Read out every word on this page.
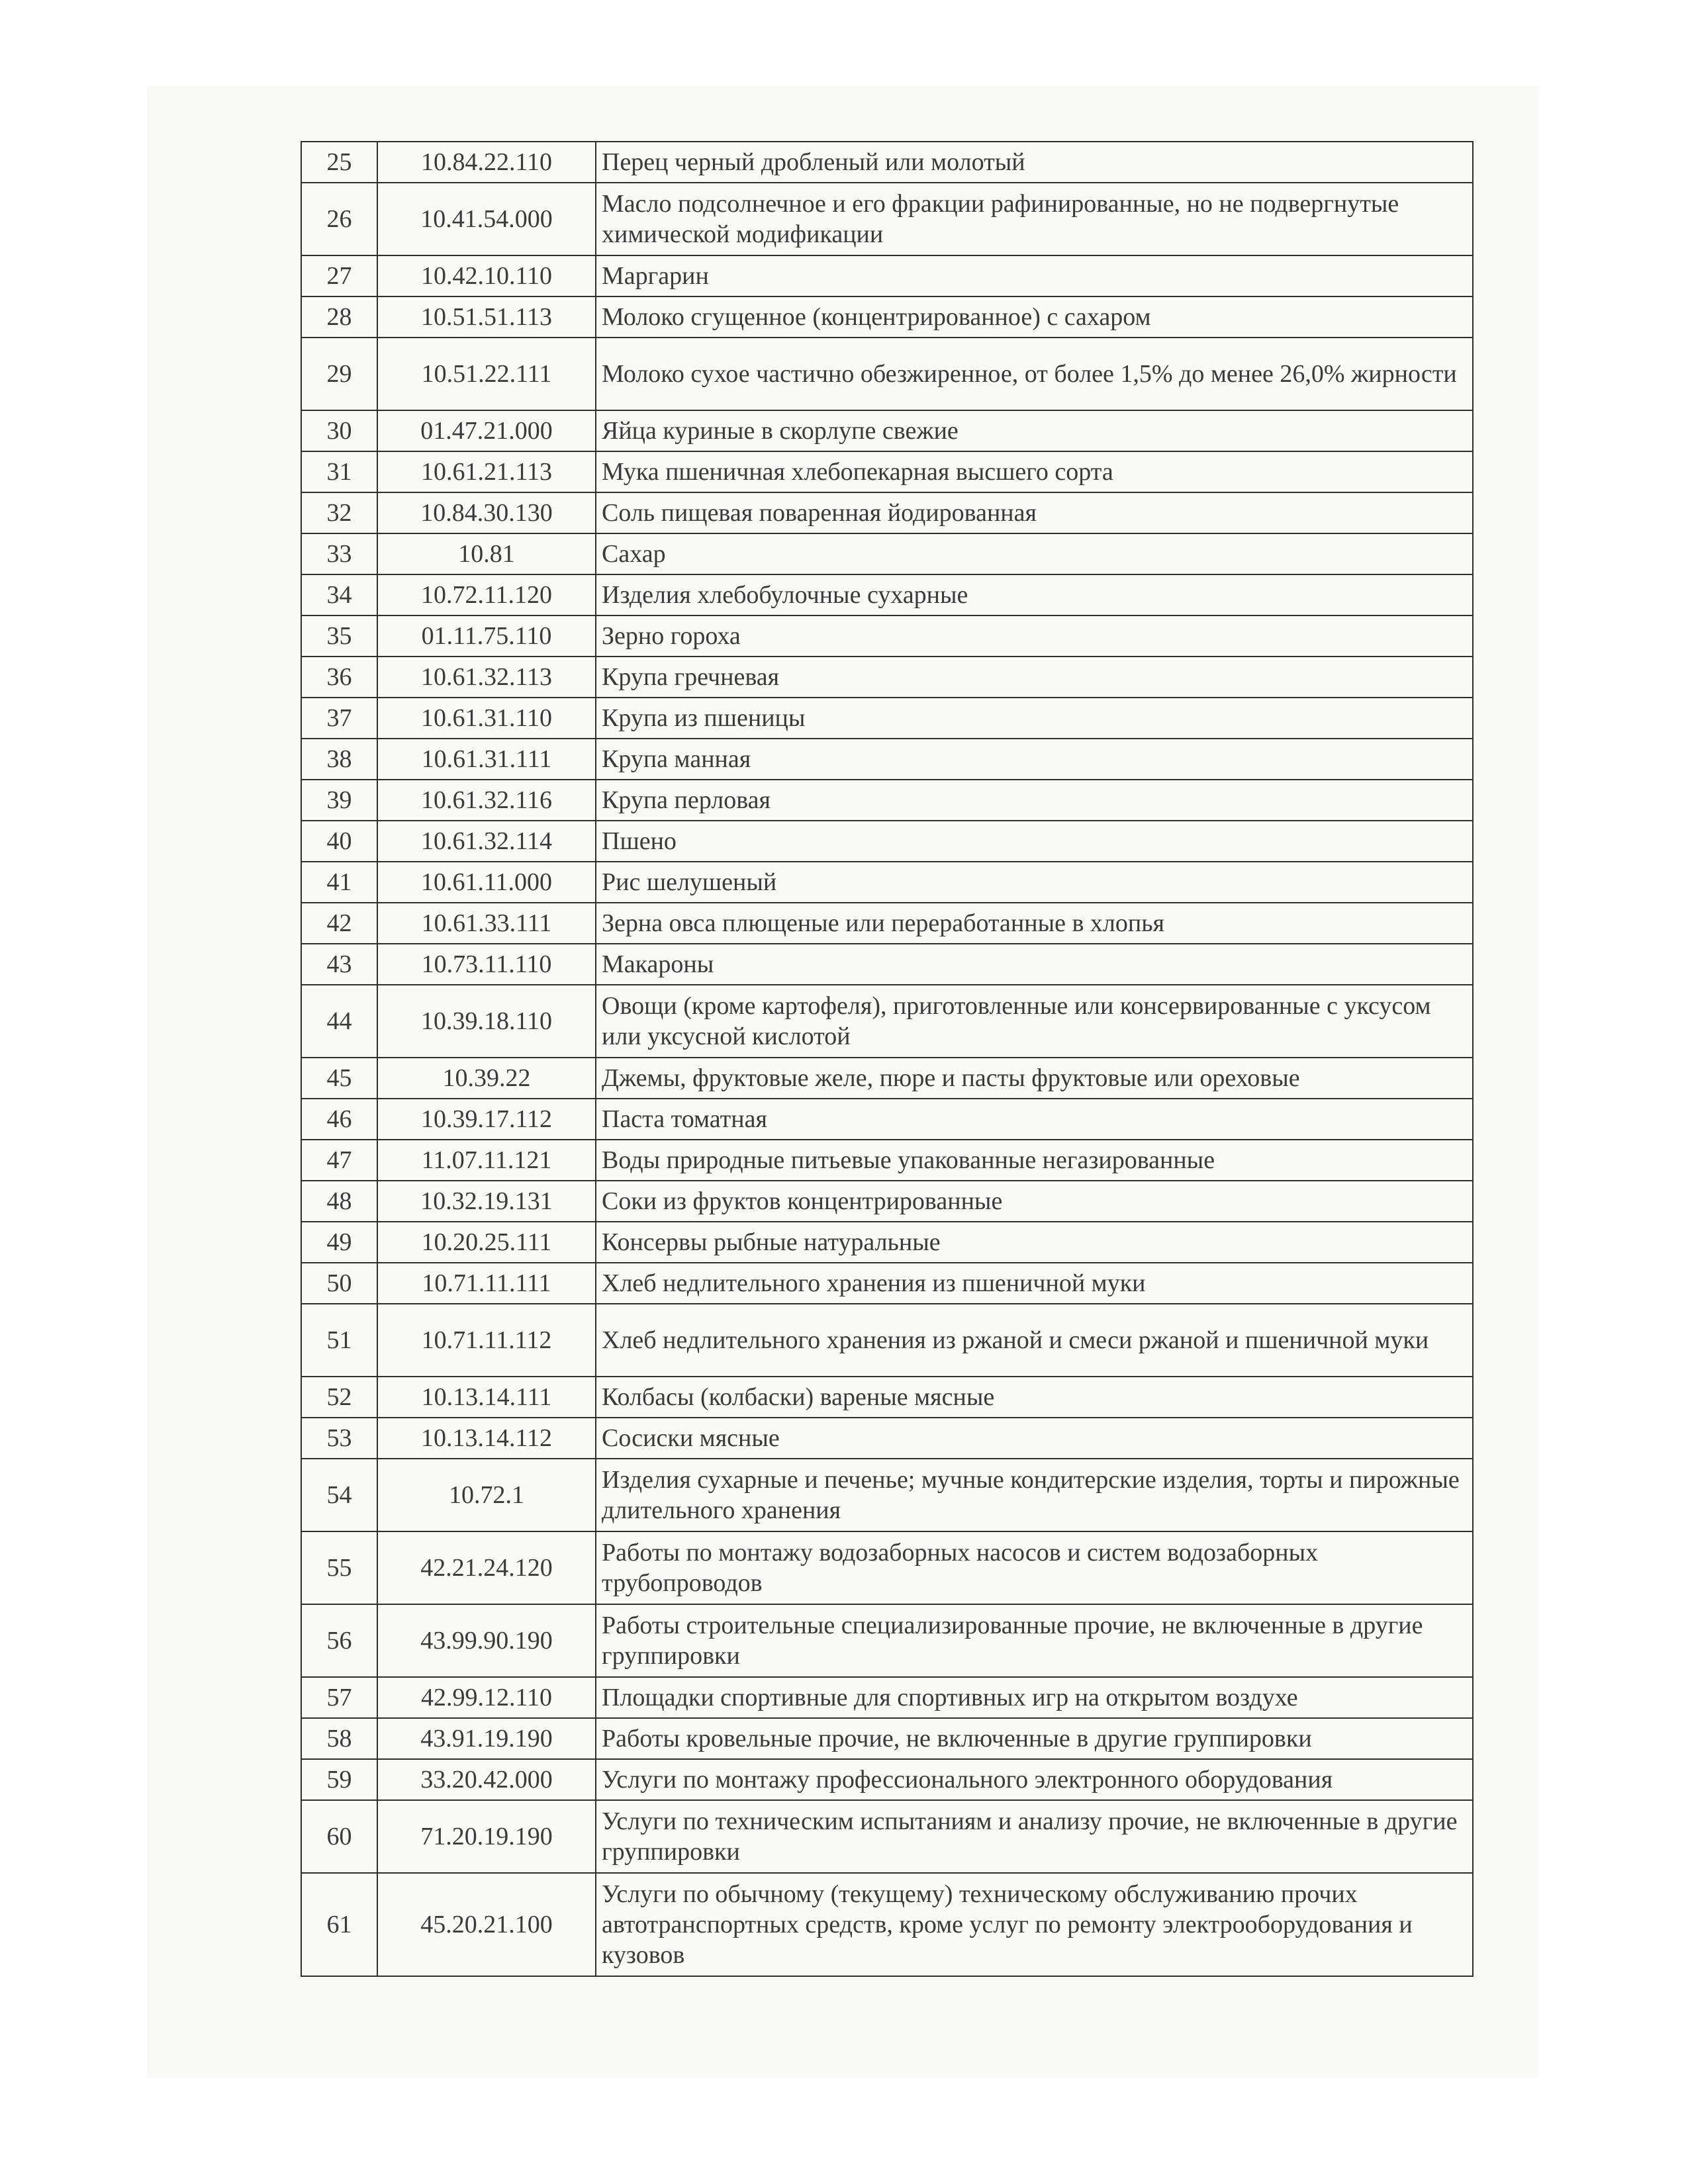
25	10.84.22.110	Перец черный дробленый или молотый
26	10.41.54.000	Масло подсолнечное и его фракции рафинированные, но не подвергнутые химической модификации
27	10.42.10.110	Маргарин
28	10.51.51.113	Молоко сгущенное (концентрированное) с сахаром
29	10.51.22.111	Молоко сухое частично обезжиренное, от более 1,5% до менее 26,0% жирности
30	01.47.21.000	Яйца куриные в скорлупе свежие
31	10.61.21.113	Мука пшеничная хлебопекарная высшего сорта
32	10.84.30.130	Соль пищевая поваренная йодированная
33	10.81	Сахар
34	10.72.11.120	Изделия хлебобулочные сухарные
35	01.11.75.110	Зерно гороха
36	10.61.32.113	Крупа гречневая
37	10.61.31.110	Крупа из пшеницы
38	10.61.31.111	Крупа манная
39	10.61.32.116	Крупа перловая
40	10.61.32.114	Пшено
41	10.61.11.000	Рис шелушеный
42	10.61.33.111	Зерна овса плющеные или переработанные в хлопья
43	10.73.11.110	Макароны
44	10.39.18.110	Овощи (кроме картофеля), приготовленные или консервированные с уксусом или уксусной кислотой
45	10.39.22	Джемы, фруктовые желе, пюре и пасты фруктовые или ореховые
46	10.39.17.112	Паста томатная
47	11.07.11.121	Воды природные питьевые упакованные негазированные
48	10.32.19.131	Соки из фруктов концентрированные
49	10.20.25.111	Консервы рыбные натуральные
50	10.71.11.111	Хлеб недлительного хранения из пшеничной муки
51	10.71.11.112	Хлеб недлительного хранения из ржаной и смеси ржаной и пшеничной муки
52	10.13.14.111	Колбасы (колбаски) вареные мясные
53	10.13.14.112	Сосиски мясные
54	10.72.1	Изделия сухарные и печенье; мучные кондитерские изделия, торты и пирожные длительного хранения
55	42.21.24.120	Работы по монтажу водозаборных насосов и систем водозаборных трубопроводов
56	43.99.90.190	Работы строительные специализированные прочие, не включенные в другие группировки
57	42.99.12.110	Площадки спортивные для спортивных игр на открытом воздухе
58	43.91.19.190	Работы кровельные прочие, не включенные в другие группировки
59	33.20.42.000	Услуги по монтажу профессионального электронного оборудования
60	71.20.19.190	Услуги по техническим испытаниям и анализу прочие, не включенные в другие группировки
61	45.20.21.100	Услуги по обычному (текущему) техническому обслуживанию прочих автотранспортных средств, кроме услуг по ремонту электрооборудования и кузовов
